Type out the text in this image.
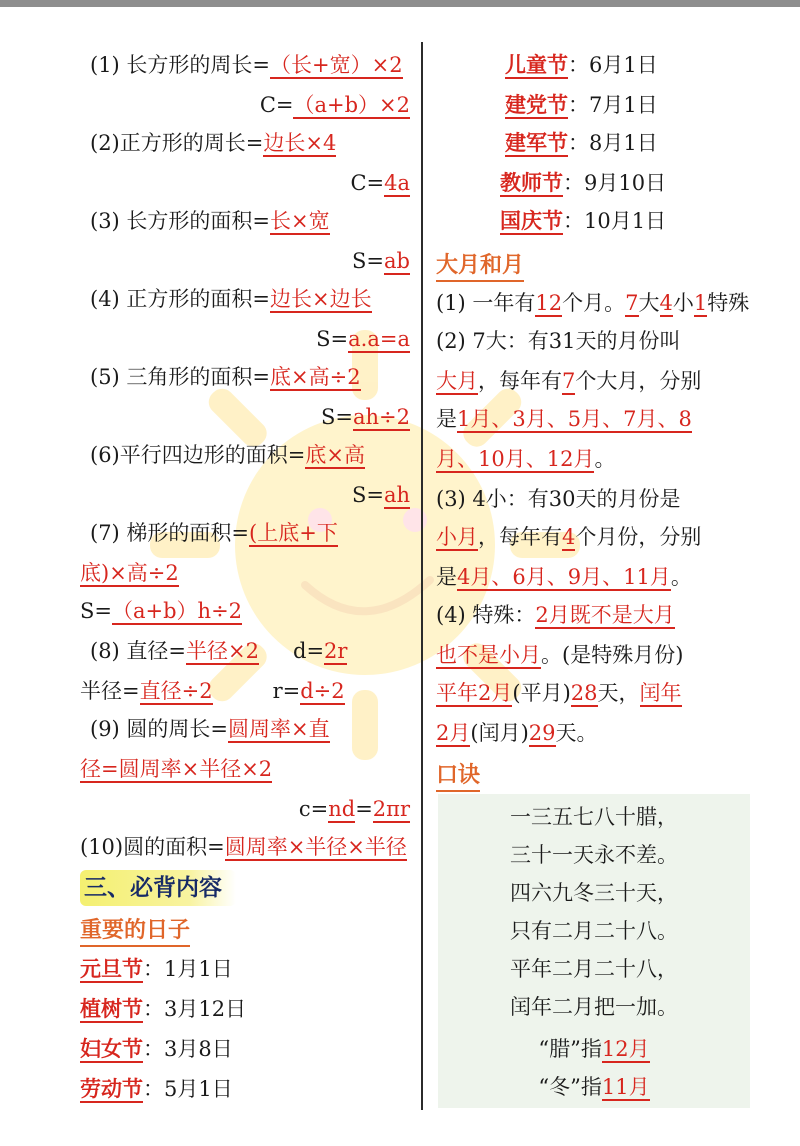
(1) 长方形的周长=（长+宽）×2
C=（a+b）×2
(2)正方形的周长=边长×4
C=4a
(3) 长方形的面积=长×宽
S=ab
(4) 正方形的面积=边长×边长
S=a.a=a
(5) 三角形的面积=底×高÷2
S=ah÷2
(6)平行四边形的面积=底×高
S=ah
(7) 梯形的面积=(上底+下
底)×高÷2
S=（a+b）h÷2
(8) 直径=半径×2 d=2r
半径=直径÷2	r=d÷2
(9) 圆的周长=圆周率×直
径=圆周率×半径×2
c=nd=2πr
(10)圆的面积=圆周率×半径×半径
三、必背内容
重要的日子
元旦节：1月1日
植树节：3月12日
妇女节：3月8日
劳动节：5月1日
儿童节：6月1日
建党节：7月1日
建军节：8月1日
教师节：9月10日
国庆节：10月1日
大月和月
(1) 一年有12个月。7大4小1特殊
(2) 7大：有31天的月份叫
大月，每年有7个大月，分别
是1月、3月、5月、7月、8
月、10月、12月。
(3) 4小：有30天的月份是
小月，每年有4个月份，分别
是4月、6月、9月、11月。
(4) 特殊：2月既不是大月
也不是小月。(是特殊月份)
平年2月(平月)28天，闰年
2月(闰月)29天。
口诀
一三五七八十腊，
三十一天永不差。
四六九冬三十天，
只有二月二十八。
平年二月二十八，
闰年二月把一加。
“腊”指12月
“冬”指11月
